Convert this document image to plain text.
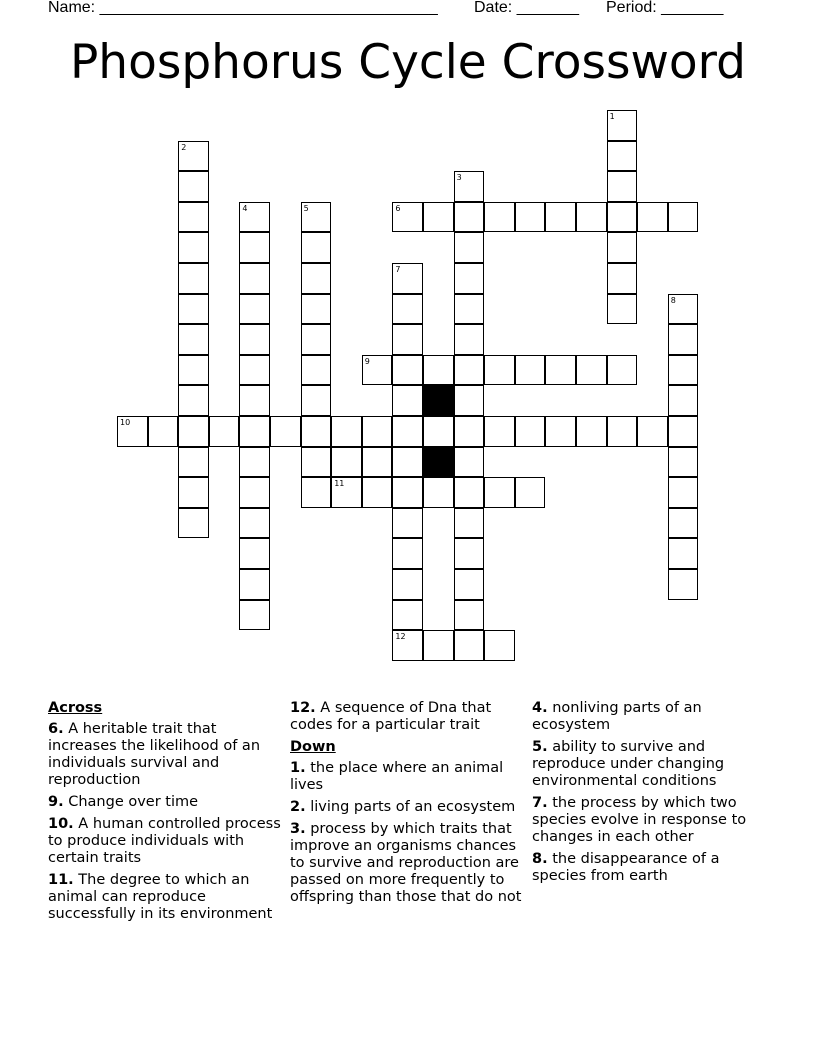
Name: ______________________________________ Date: _______ Period: _______
Phosphorus Cycle Crossword
1
2
3
4	5	6
7
8
9
10
11
12
Across
6. A heritable trait that increases the likelihood of an individuals survival and reproduction
9. Change over time
10. A human controlled process to produce individuals with certain traits
11. The degree to which an animal can reproduce successfully in its environment
12. A sequence of Dna that codes for a particular trait
Down
1. the place where an animal lives
2. living parts of an ecosystem
3. process by which traits that improve an organisms chances to survive and reproduction are passed on more frequently to offspring than those that do not
4. nonliving parts of an ecosystem
5. ability to survive and reproduce under changing environmental conditions
7. the process by which two species evolve in response to changes in each other
8. the disappearance of a species from earth
